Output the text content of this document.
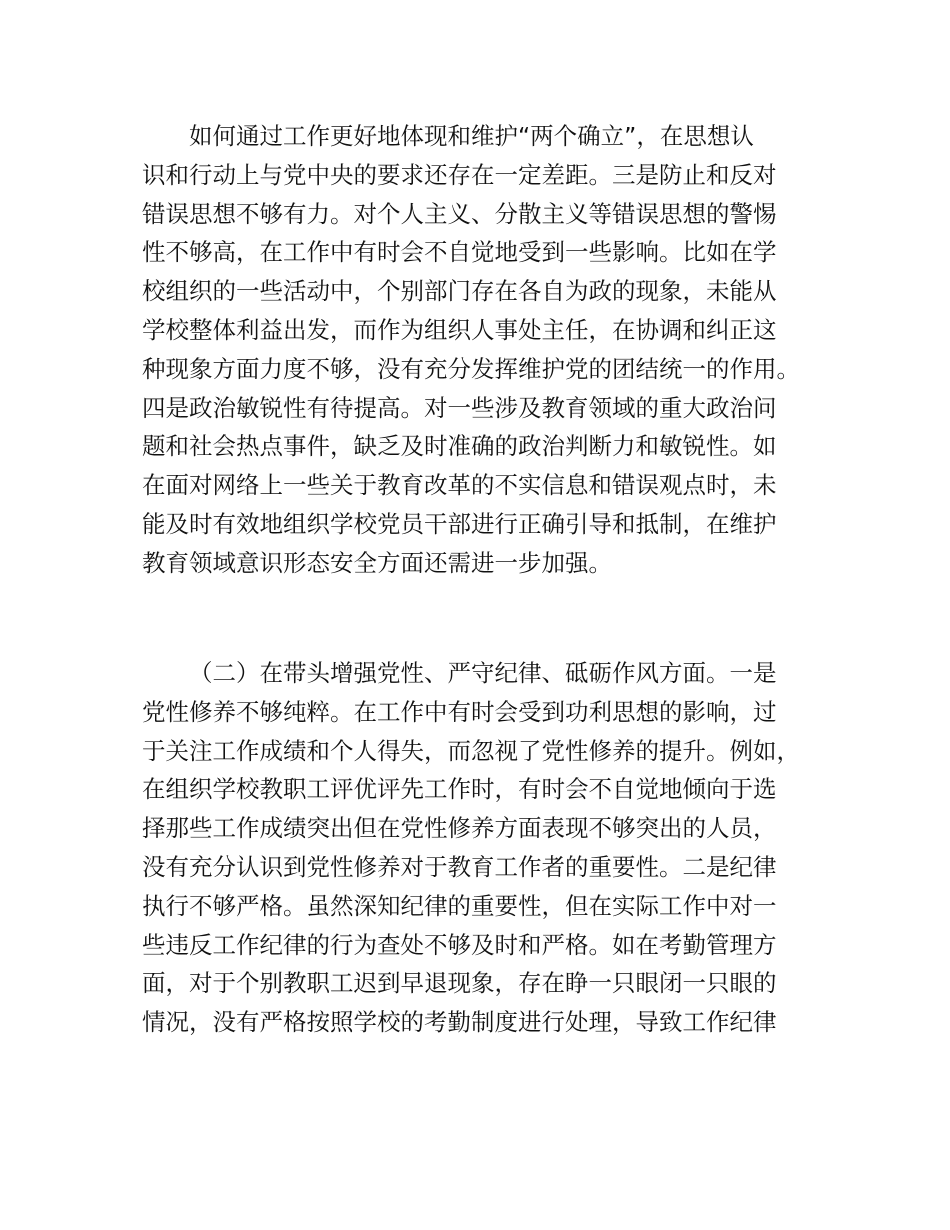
如何通过工作更好地体现和维护“两个确立”，在思想认
识和行动上与党中央的要求还存在一定差距。三是防止和反对
错误思想不够有力。对个人主义、分散主义等错误思想的警惕
性不够高，在工作中有时会不自觉地受到一些影响。比如在学
校组织的一些活动中，个别部门存在各自为政的现象，未能从
学校整体利益出发，而作为组织人事处主任，在协调和纠正这
种现象方面力度不够，没有充分发挥维护党的团结统一的作用。
四是政治敏锐性有待提高。对一些涉及教育领域的重大政治问
题和社会热点事件，缺乏及时准确的政治判断力和敏锐性。如
在面对网络上一些关于教育改革的不实信息和错误观点时，未
能及时有效地组织学校党员干部进行正确引导和抵制，在维护
教育领域意识形态安全方面还需进一步加强。
（二）在带头增强党性、严守纪律、砥砺作风方面。一是
党性修养不够纯粹。在工作中有时会受到功利思想的影响，过
于关注工作成绩和个人得失，而忽视了党性修养的提升。例如，
在组织学校教职工评优评先工作时，有时会不自觉地倾向于选
择那些工作成绩突出但在党性修养方面表现不够突出的人员，
没有充分认识到党性修养对于教育工作者的重要性。二是纪律
执行不够严格。虽然深知纪律的重要性，但在实际工作中对一
些违反工作纪律的行为查处不够及时和严格。如在考勤管理方
面，对于个别教职工迟到早退现象，存在睁一只眼闭一只眼的
情况，没有严格按照学校的考勤制度进行处理，导致工作纪律
